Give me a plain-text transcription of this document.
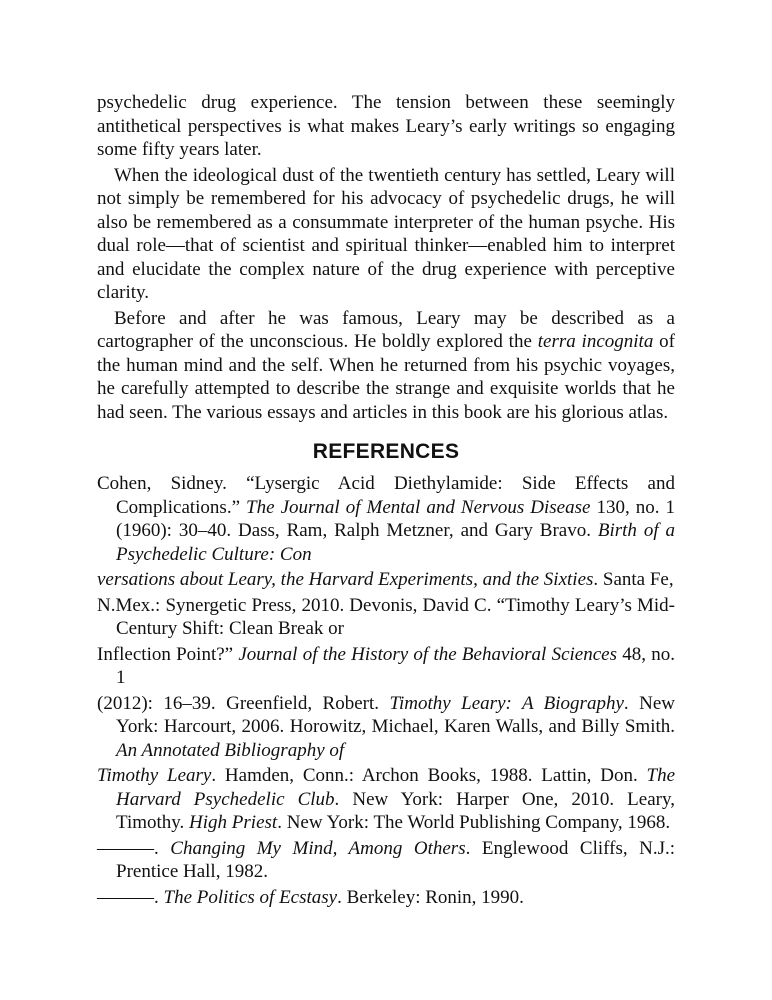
psychedelic drug experience. The tension between these seemingly antithetical perspectives is what makes Leary’s early writings so engaging some fifty years later.

When the ideological dust of the twentieth century has settled, Leary will not simply be remembered for his advocacy of psychedelic drugs, he will also be remembered as a consummate interpreter of the human psyche. His dual role—that of scientist and spiritual thinker—enabled him to interpret and elucidate the complex nature of the drug experience with perceptive clarity.

Before and after he was famous, Leary may be described as a cartographer of the unconscious. He boldly explored the terra incognita of the human mind and the self. When he returned from his psychic voyages, he carefully attempted to describe the strange and exquisite worlds that he had seen. The various essays and articles in this book are his glorious atlas.

REFERENCES
Cohen, Sidney. “Lysergic Acid Diethylamide: Side Effects and Complications.” The Journal of Mental and Nervous Disease 130, no. 1 (1960): 30–40. Dass, Ram, Ralph Metzner, and Gary Bravo. Birth of a Psychedelic Culture: Con
versations about Leary, the Harvard Experiments, and the Sixties. Santa Fe,
N.Mex.: Synergetic Press, 2010. Devonis, David C. “Timothy Leary’s Mid-Century Shift: Clean Break or
Inflection Point?” Journal of the History of the Behavioral Sciences 48, no. 1
(2012): 16–39. Greenfield, Robert. Timothy Leary: A Biography. New York: Harcourt, 2006. Horowitz, Michael, Karen Walls, and Billy Smith. An Annotated Bibliography of
Timothy Leary. Hamden, Conn.: Archon Books, 1988. Lattin, Don. The Harvard Psychedelic Club. New York: Harper One, 2010. Leary, Timothy. High Priest. New York: The World Publishing Company, 1968.
———. Changing My Mind, Among Others. Englewood Cliffs, N.J.: Prentice Hall, 1982.
———. The Politics of Ecstasy. Berkeley: Ronin, 1990.
